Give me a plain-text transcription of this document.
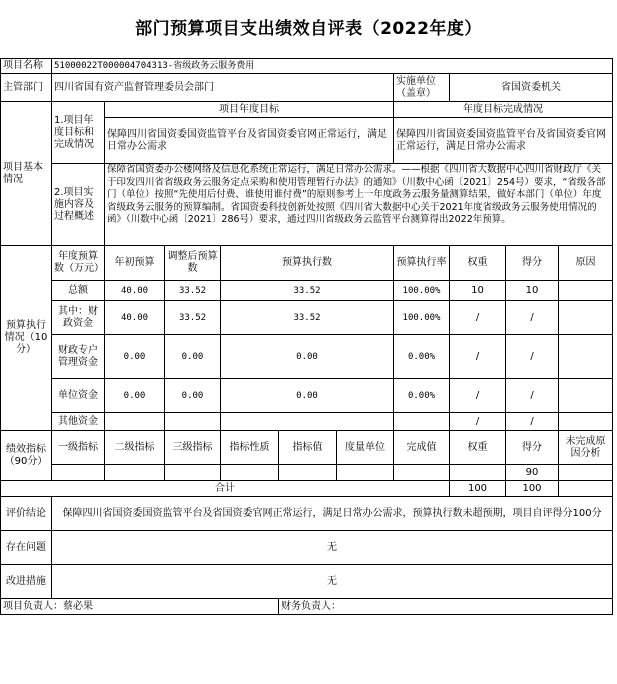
部门预算项目支出绩效自评表（2022年度）
项目名称	51000022T000004704313-省级政务云服务费用									
主管部门	四川省国有资产监督管理委员会部门						实施单位
（盖章）	省国资委机关		
项目基本情况	1.项目年度目标和完成情况	项目年度目标					年度目标完成情况			
		保障四川省国资委国资监管平台及省国资委官网正常运行，满足日常办公需求					保障四川省国资委国资监管平台及省国资委官网正常运行，满足日常办公需求			
	2.项目实施内容及过程概述	保障省国资委办公楼网络及信息化系统正常运行，满足日常办公需求。——根据《四川省大数据中心四川省财政厅《关于印发四川省省级政务云服务定点采购和使用管理暂行办法》的通知》（川数中心函〔2021〕254号）要求，“省级各部门（单位）按照“先使用后付费、谁使用谁付费”的原则参考上一年度政务云服务量测算结果，做好本部门（单位）年度省级政务云服务的预算编制。省国资委科技创新处按照《四川省大数据中心关于2021年度省级政务云服务使用情况的函》（川数中心函〔2021〕286号）要求，通过四川省级政务云监管平台测算得出2022年预算。								
预算执行情况（10分）	年度预算数（万元）	年初预算	调整后预算数	预算执行数			预算执行率	权重	得分	原因
	总额	40.00	33.52	33.52			100.00%	10	10	
	其中：财政资金	40.00	33.52	33.52			100.00%	/	/	
	财政专户管理资金	0.00	0.00	0.00			0.00%	/	/	
	单位资金	0.00	0.00	0.00			0.00%	/	/	
	其他资金							/	/	
绩效指标（90分）	一级指标	二级指标	三级指标	指标性质	指标值	度量单位	完成值	权重	得分	未完成原因分析
									90	
合计								100	100	
评价结论	保障四川省国资委国资监管平台及省国资委官网正常运行，满足日常办公需求，预算执行数未超预期，项目自评得分100分									
存在问题	无									
改进措施	无									
项目负责人：蔡必果					财务负责人：					
